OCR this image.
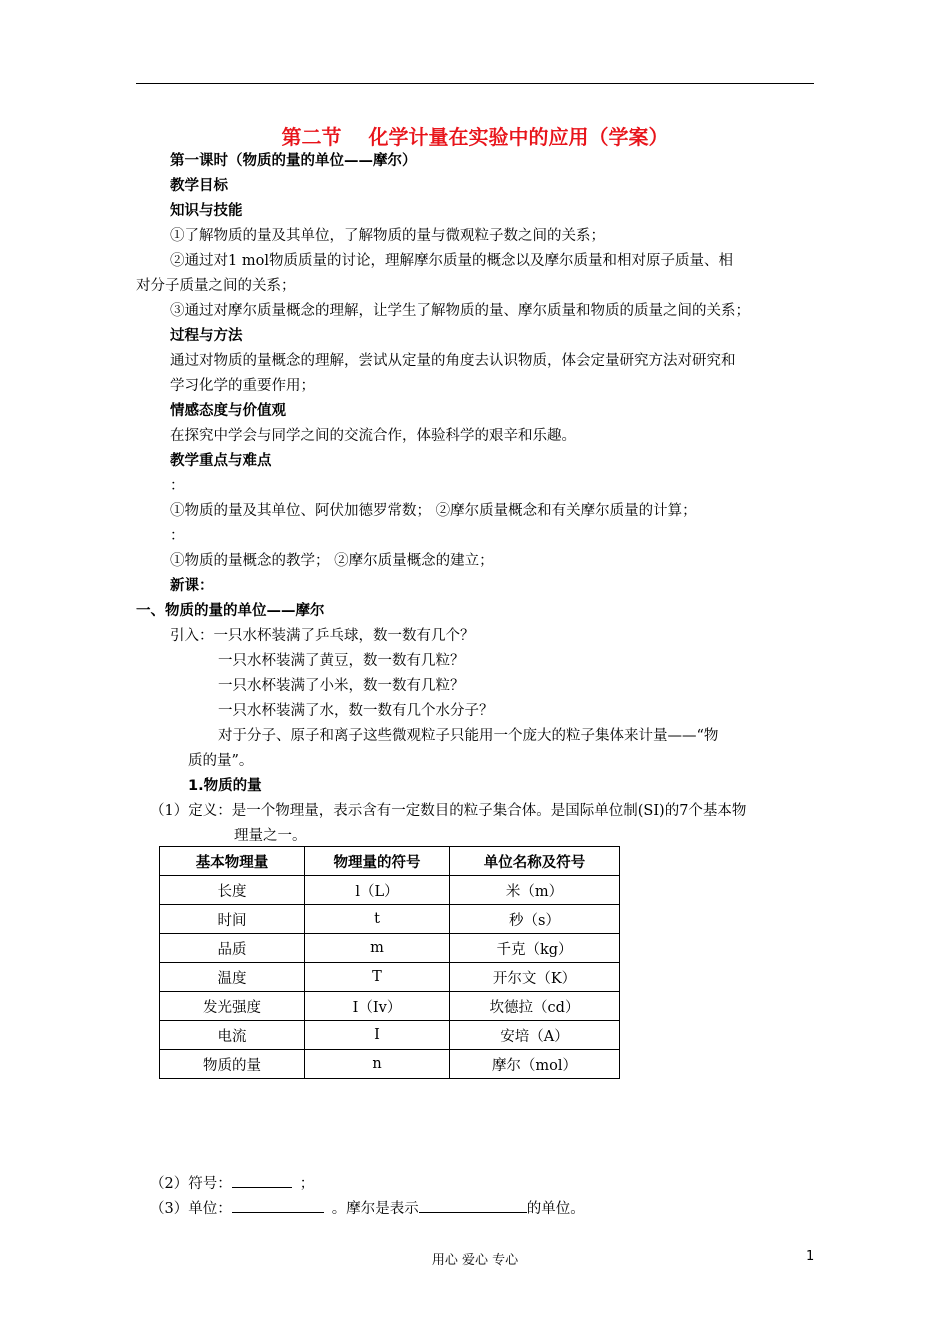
第二节　 化学计量在实验中的应用（学案）
第一课时（物质的量的单位——摩尔）
教学目标
知识与技能
①了解物质的量及其单位，了解物质的量与微观粒子数之间的关系；
②通过对1 mol物质质量的讨论，理解摩尔质量的概念以及摩尔质量和相对原子质量、相
对分子质量之间的关系；
③通过对摩尔质量概念的理解，让学生了解物质的量、摩尔质量和物质的质量之间的关系；
过程与方法
通过对物质的量概念的理解，尝试从定量的角度去认识物质，体会定量研究方法对研究和
学习化学的重要作用；
情感态度与价值观
在探究中学会与同学之间的交流合作，体验科学的艰辛和乐趣。
教学重点与难点
：
①物质的量及其单位、阿伏加德罗常数； ②摩尔质量概念和有关摩尔质量的计算；
：
①物质的量概念的教学； ②摩尔质量概念的建立；
新课：
一、物质的量的单位——摩尔
引入：一只水杯装满了乒乓球，数一数有几个？
一只水杯装满了黄豆，数一数有几粒？
一只水杯装满了小米，数一数有几粒？
一只水杯装满了水，数一数有几个水分子？
对于分子、原子和离子这些微观粒子只能用一个庞大的粒子集体来计量——“物
质的量”。
1.物质的量
（1）定义：是一个物理量，表示含有一定数目的粒子集合体。是国际单位制(SI)的7个基本物
理量之一。
基本物理量	物理量的符号	单位名称及符号
长度	l（L）	米（m）
时间	t	秒（s）
品质	m	千克（kg）
温度	T	开尔文（K）
发光强度	I（Iv）	坎德拉（cd）
电流	I	安培（A）
物质的量	n	摩尔（mol）
（2）符号：	；
（3）单位：	。摩尔是表示	的单位。
用心 爱心 专心	1
